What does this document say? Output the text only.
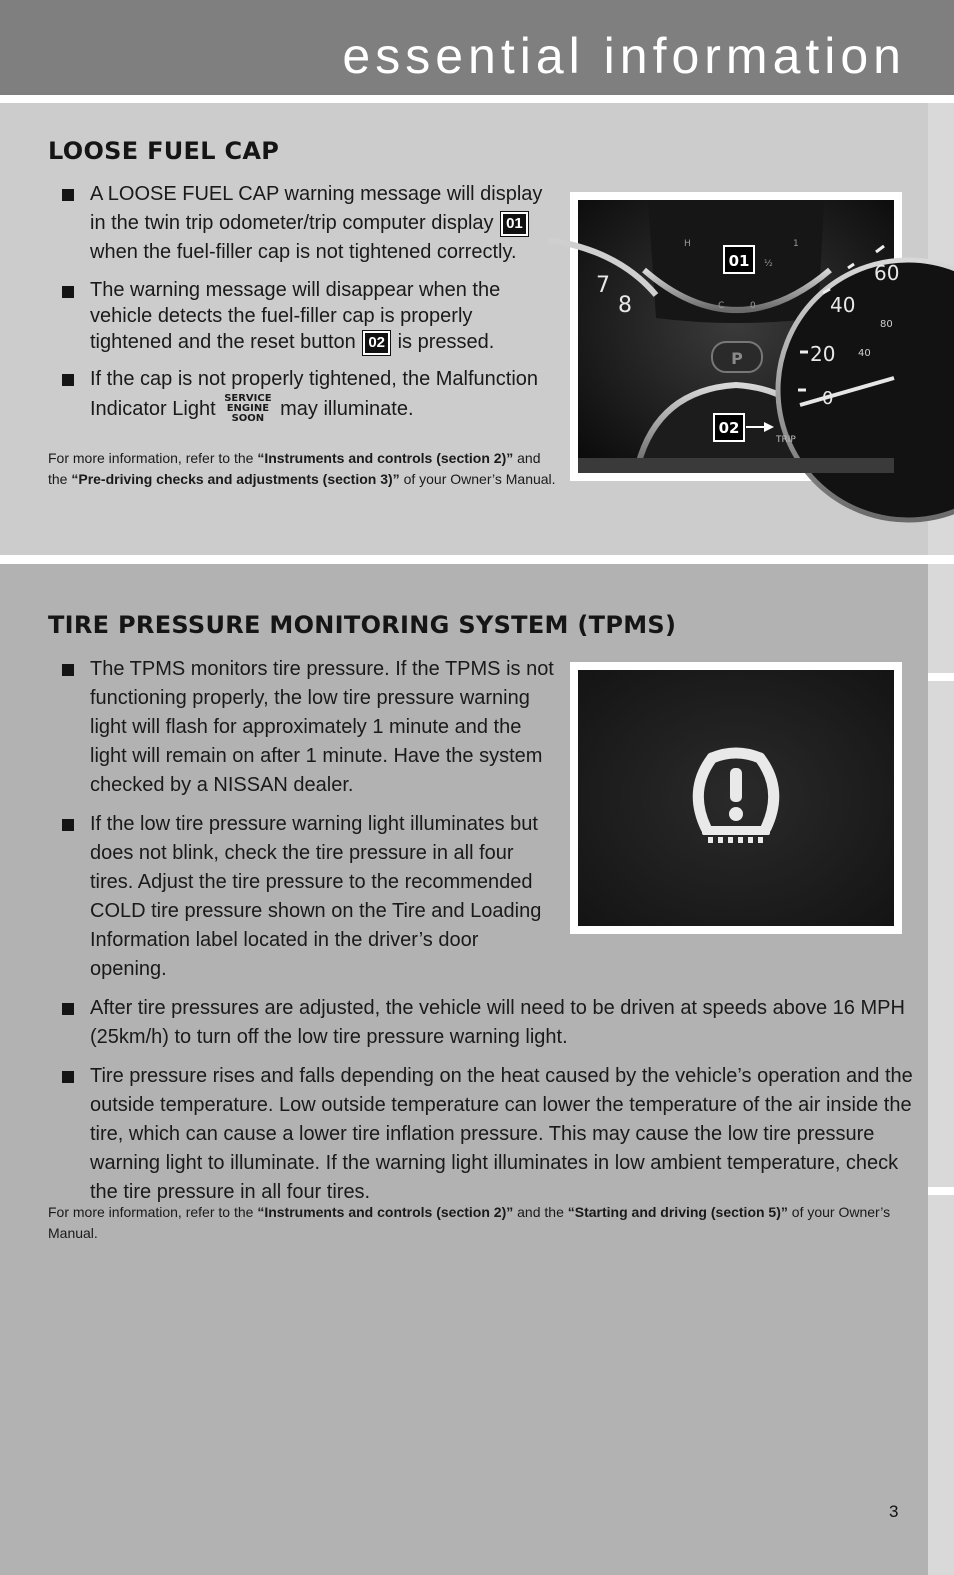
essential information
LOOSE FUEL CAP
A LOOSE FUEL CAP warning message will display in the twin trip odometer/trip computer display 01 when the fuel-filler cap is not tightened correctly.
The warning message will disappear when the vehicle detects the fuel-filler cap is properly tightened and the reset button 02 is pressed.
If the cap is not properly tightened, the Malfunction Indicator Light SERVICE
ENGINE
SOON may illuminate.

For more information, refer to the “Instruments and controls (section 2)” and the “Pre-driving checks and adjustments (section 3)” of your Owner’s Manual.

01
02
7
8
60
40
20
0
80
40
H
C
1
½
0
TRIP
P
TIRE PRESSURE MONITORING SYSTEM (TPMS)
The TPMS monitors tire pressure. If the TPMS is not functioning properly, the low tire pressure warning light will flash for approximately 1 minute and the light will remain on after 1 minute. Have the system checked by a NISSAN dealer.
If the low tire pressure warning light illuminates but does not blink, check the tire pressure in all four tires. Adjust the tire pressure to the recommended COLD tire pressure shown on the Tire and Loading Information label located in the driver’s door opening.
After tire pressures are adjusted, the vehicle will need to be driven at speeds above 16 MPH (25km/h) to turn off the low tire pressure warning light.
Tire pressure rises and falls depending on the heat caused by the vehicle’s operation and the outside temperature. Low outside temperature can lower the temperature of the air inside the tire, which can cause a lower tire inflation pressure. This may cause the low tire pressure warning light to illuminate. If the warning light illuminates in low ambient temperature, check the tire pressure in all four tires.

For more information, refer to the “Instruments and controls (section 2)” and the “Starting and driving (section 5)” of your Owner’s Manual.

3
